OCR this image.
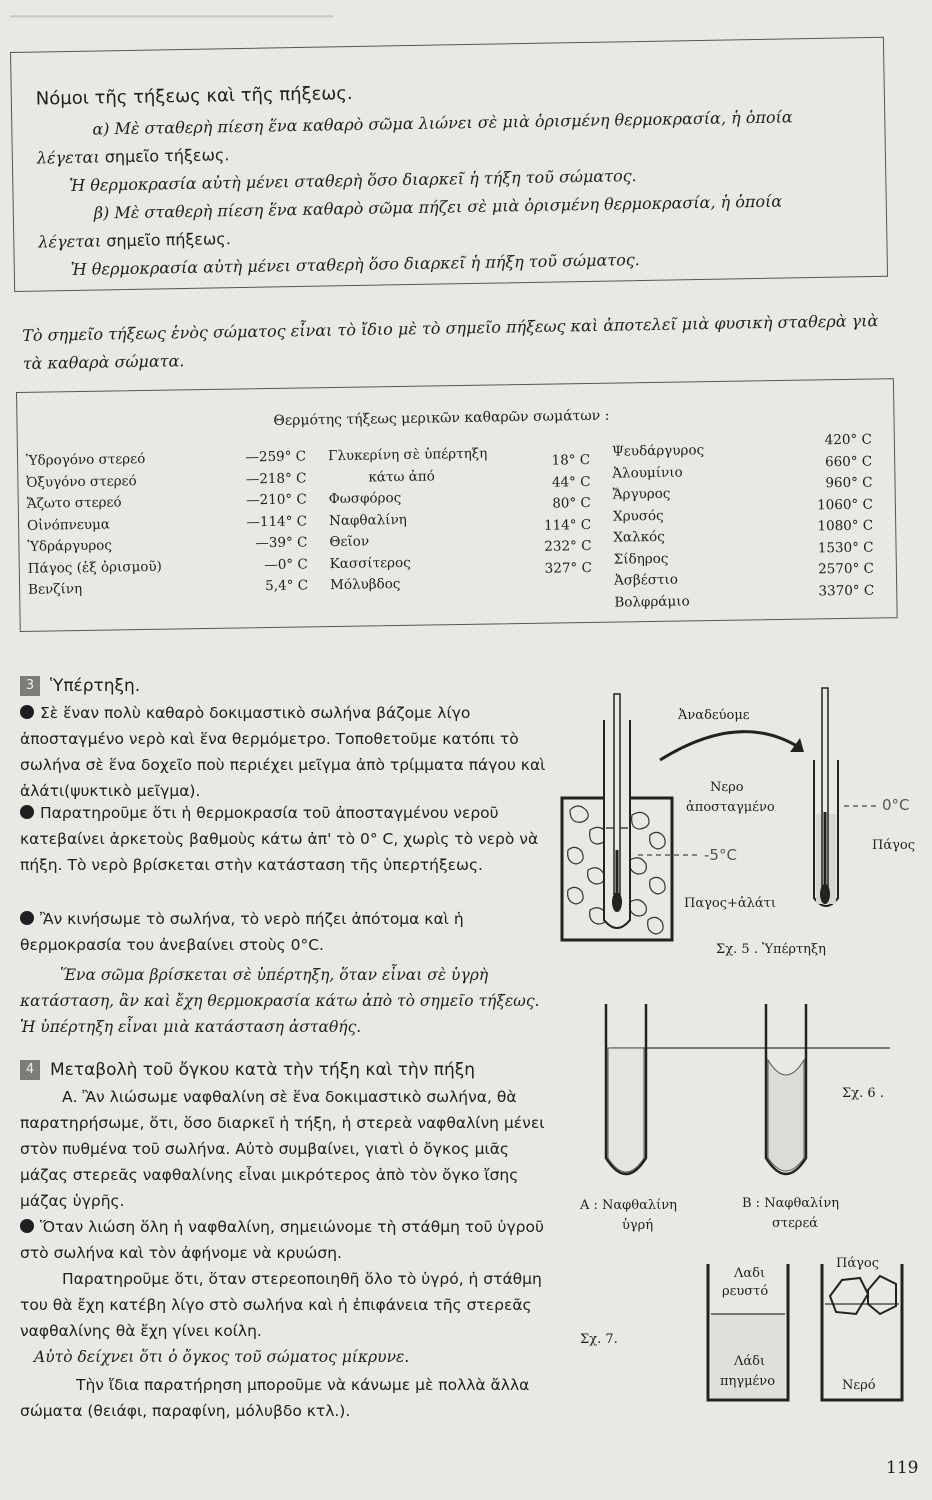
▁▁▁▁▁▁▁▁▁▁▁▁▁▁▁▁▁▁▁▁▁▁▁▁▁▁▁▁▁▁
Νόμοι τῆς τήξεως καὶ τῆς πήξεως.
α) Μὲ σταθερὴ πίεση ἕνα καθαρὸ σῶμα λιώνει σὲ μιὰ ὁρισμένη θερμοκρασία, ἡ ὁποία
λέγεται σημεῖο τήξεως.
Ἡ θερμοκρασία αὐτὴ μένει σταθερὴ ὅσο διαρκεῖ ἡ τήξη τοῦ σώματος.
β) Μὲ σταθερὴ πίεση ἕνα καθαρὸ σῶμα πήζει σὲ μιὰ ὁρισμένη θερμοκρασία, ἡ ὁποία
λέγεται σημεῖο πήξεως.
Ἡ θερμοκρασία αὐτὴ μένει σταθερὴ ὅσο διαρκεῖ ἡ πήξη τοῦ σώματος.
Τὸ σημεῖο τήξεως ἑνὸς σώματος εἶναι τὸ ἴδιο μὲ τὸ σημεῖο πήξεως καὶ ἀποτελεῖ μιὰ φυσικὴ σταθερὰ γιὰ τὰ καθαρὰ σώματα.
Θερμότης τήξεως μερικῶν καθαρῶν σωμάτων :
Ὑδρογόνο στερεό
Ὀξυγόνο στερεό
Ἄζωτο στερεό
Οἰνόπνευμα
Ὑδράργυρος
Πάγος (ἐξ ὁρισμοῦ)
Βενζίνη
—259° C
—218° C
—210° C
—114° C
—39° C
—0° C
5,4° C
Γλυκερίνη σὲ ὑπέρτηξη
κάτω ἀπό
Φωσφόρος
Ναφθαλίνη
Θεῖον
Κασσίτερος
Μόλυβδος
18° C
44° C
80° C
114° C
232° C
327° C
Ψευδάργυρος
Ἀλουμίνιο
Ἄργυρος
Χρυσός
Χαλκός
Σίδηρος
Ἀσβέστιο
Βολφράμιο
420° C
660° C
960° C
1060° C
1080° C
1530° C
2570° C
3370° C
3 Ὑπέρτηξη.
Σὲ ἕναν πολὺ καθαρὸ δοκιμαστικὸ σωλήνα βάζομε λίγο ἀποσταγμένο νερὸ καὶ ἕνα θερμόμετρο. Τοποθετοῦμε κατόπι τὸ σωλήνα σὲ ἕνα δοχεῖο ποὺ περιέχει μεῖγμα ἀπὸ τρίμματα πάγου καὶ ἀλάτι(ψυκτικὸ μεῖγμα).
Παρατηροῦμε ὅτι ἡ θερμοκρασία τοῦ ἀποσταγμένου νεροῦ κατεβαίνει ἀρκετοὺς βαθμοὺς κάτω ἀπ' τὸ 0° C, χωρὶς τὸ νερὸ νὰ πήξη. Τὸ νερὸ βρίσκεται στὴν κατάσταση τῆς ὑπερτήξεως.
Ἂν κινήσωμε τὸ σωλήνα, τὸ νερὸ πήζει ἀπότομα καὶ ἡ θερμοκρασία του ἀνεβαίνει στοὺς 0°C.
Ἕνα σῶμα βρίσκεται σὲ ὑπέρτηξη, ὅταν εἶναι σὲ ὑγρὴ κατάσταση, ἂν καὶ ἔχη θερμοκρασία κάτω ἀπὸ τὸ σημεῖο τήξεως. Ἡ ὑπέρτηξη εἶναι μιὰ κατάσταση ἀσταθής.
4 Μεταβολὴ τοῦ ὄγκου κατὰ τὴν τήξη καὶ τὴν πήξη
Α. Ἂν λιώσωμε ναφθαλίνη σὲ ἕνα δοκιμαστικὸ σωλήνα, θὰ παρατηρήσωμε, ὅτι, ὅσο διαρκεῖ ἡ τήξη, ἡ στερεὰ ναφθαλίνη μένει στὸν πυθμένα τοῦ σωλήνα. Αὐτὸ συμβαίνει, γιατὶ ὁ ὄγκος μιᾶς μάζας στερεᾶς ναφθαλίνης εἶναι μικρότερος ἀπὸ τὸν ὄγκο ἴσης μάζας ὑγρῆς.
Ὅταν λιώση ὅλη ἡ ναφθαλίνη, σημειώνομε τὴ στάθμη τοῦ ὑγροῦ στὸ σωλήνα καὶ τὸν ἀφήνομε νὰ κρυώση.
Παρατηροῦμε ὅτι, ὅταν στερεοποιηθῆ ὅλο τὸ ὑγρό, ἡ στάθμη του θὰ ἔχη κατέβη λίγο στὸ σωλήνα καὶ ἡ ἐπιφάνεια τῆς στερεᾶς ναφθαλίνης θὰ ἔχη γίνει κοίλη.
Αὐτὸ δείχνει ὅτι ὁ ὄγκος τοῦ σώματος μίκρυνε.
Τὴν ἴδια παρατήρηση μποροῦμε νὰ κάνωμε μὲ πολλὰ ἄλλα σώματα (θειάφι, παραφίνη, μόλυβδο κτλ.).
Ἀναδεύομε
Νερο
ἀποσταγμένο
-5°C
0°C
Πάγος
Παγος+ἀλάτι
Σχ. 5 . Ὑπέρτηξη
Σχ. 6 .
Α : Ναφθαλίνη
ὑγρή
Β : Ναφθαλίνη
στερεά
Σχ. 7.
Λαδι
ρευστό
Λάδι
πηγμένο
Πάγος
Νερό
119
